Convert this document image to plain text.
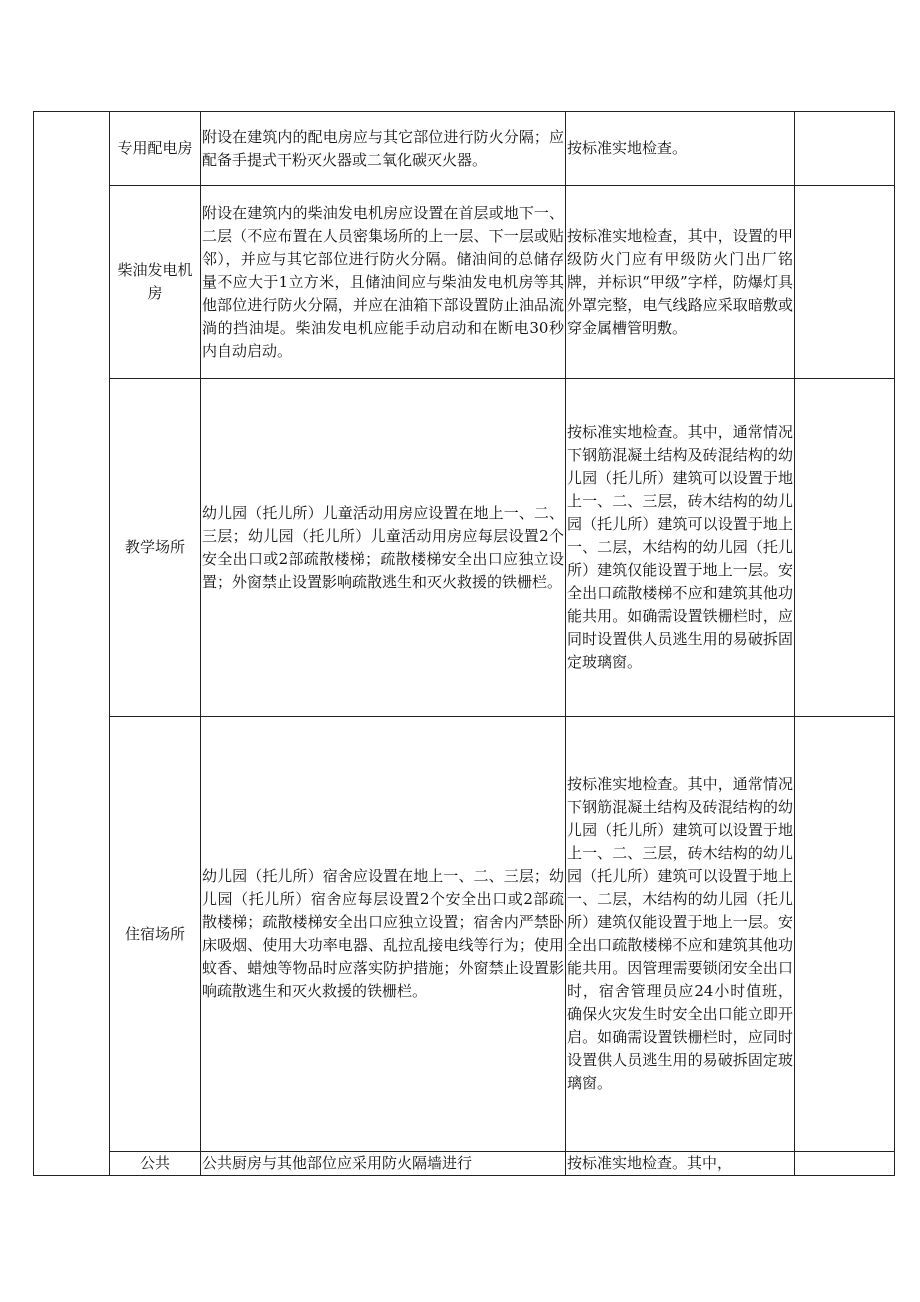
	专用配电房	附设在建筑内的配电房应与其它部位进行防火分隔；应配备手提式干粉灭火器或二氧化碳灭火器。	按标准实地检查。	

	柴油发电机房	附设在建筑内的柴油发电机房应设置在首层或地下一、二层（不应布置在人员密集场所的上一层、下一层或贴邻），并应与其它部位进行防火分隔。储油间的总储存量不应大于1立方米，且储油间应与柴油发电机房等其他部位进行防火分隔，并应在油箱下部设置防止油品流淌的挡油堤。柴油发电机应能手动启动和在断电30秒内自动启动。	按标准实地检查，其中，设置的甲级防火门应有甲级防火门出厂铭牌，并标识“甲级”字样，防爆灯具外罩完整，电气线路应采取暗敷或穿金属槽管明敷。	

	教学场所	幼儿园（托儿所）儿童活动用房应设置在地上一、二、三层；幼儿园（托儿所）儿童活动用房应每层设置2个安全出口或2部疏散楼梯；疏散楼梯安全出口应独立设置；外窗禁止设置影响疏散逃生和灭火救援的铁栅栏。	按标准实地检查。其中，通常情况下钢筋混凝土结构及砖混结构的幼儿园（托儿所）建筑可以设置于地上一、二、三层，砖木结构的幼儿园（托儿所）建筑可以设置于地上一、二层，木结构的幼儿园（托儿所）建筑仅能设置于地上一层。安全出口疏散楼梯不应和建筑其他功能共用。如确需设置铁栅栏时，应同时设置供人员逃生用的易破拆固定玻璃窗。	

	住宿场所	幼儿园（托儿所）宿舍应设置在地上一、二、三层；幼儿园（托儿所）宿舍应每层设置2个安全出口或2部疏散楼梯；疏散楼梯安全出口应独立设置；宿舍内严禁卧床吸烟、使用大功率电器、乱拉乱接电线等行为；使用蚊香、蜡烛等物品时应落实防护措施；外窗禁止设置影响疏散逃生和灭火救援的铁栅栏。	按标准实地检查。其中，通常情况下钢筋混凝土结构及砖混结构的幼儿园（托儿所）建筑可以设置于地上一、二、三层，砖木结构的幼儿园（托儿所）建筑可以设置于地上一、二层，木结构的幼儿园（托儿所）建筑仅能设置于地上一层。安全出口疏散楼梯不应和建筑其他功能共用。因管理需要锁闭安全出口时，宿舍管理员应24小时值班，确保火灾发生时安全出口能立即开启。如确需设置铁栅栏时，应同时设置供人员逃生用的易破拆固定玻璃窗。	

	公共	公共厨房与其他部位应采用防火隔墙进行	按标准实地检查。其中，	
